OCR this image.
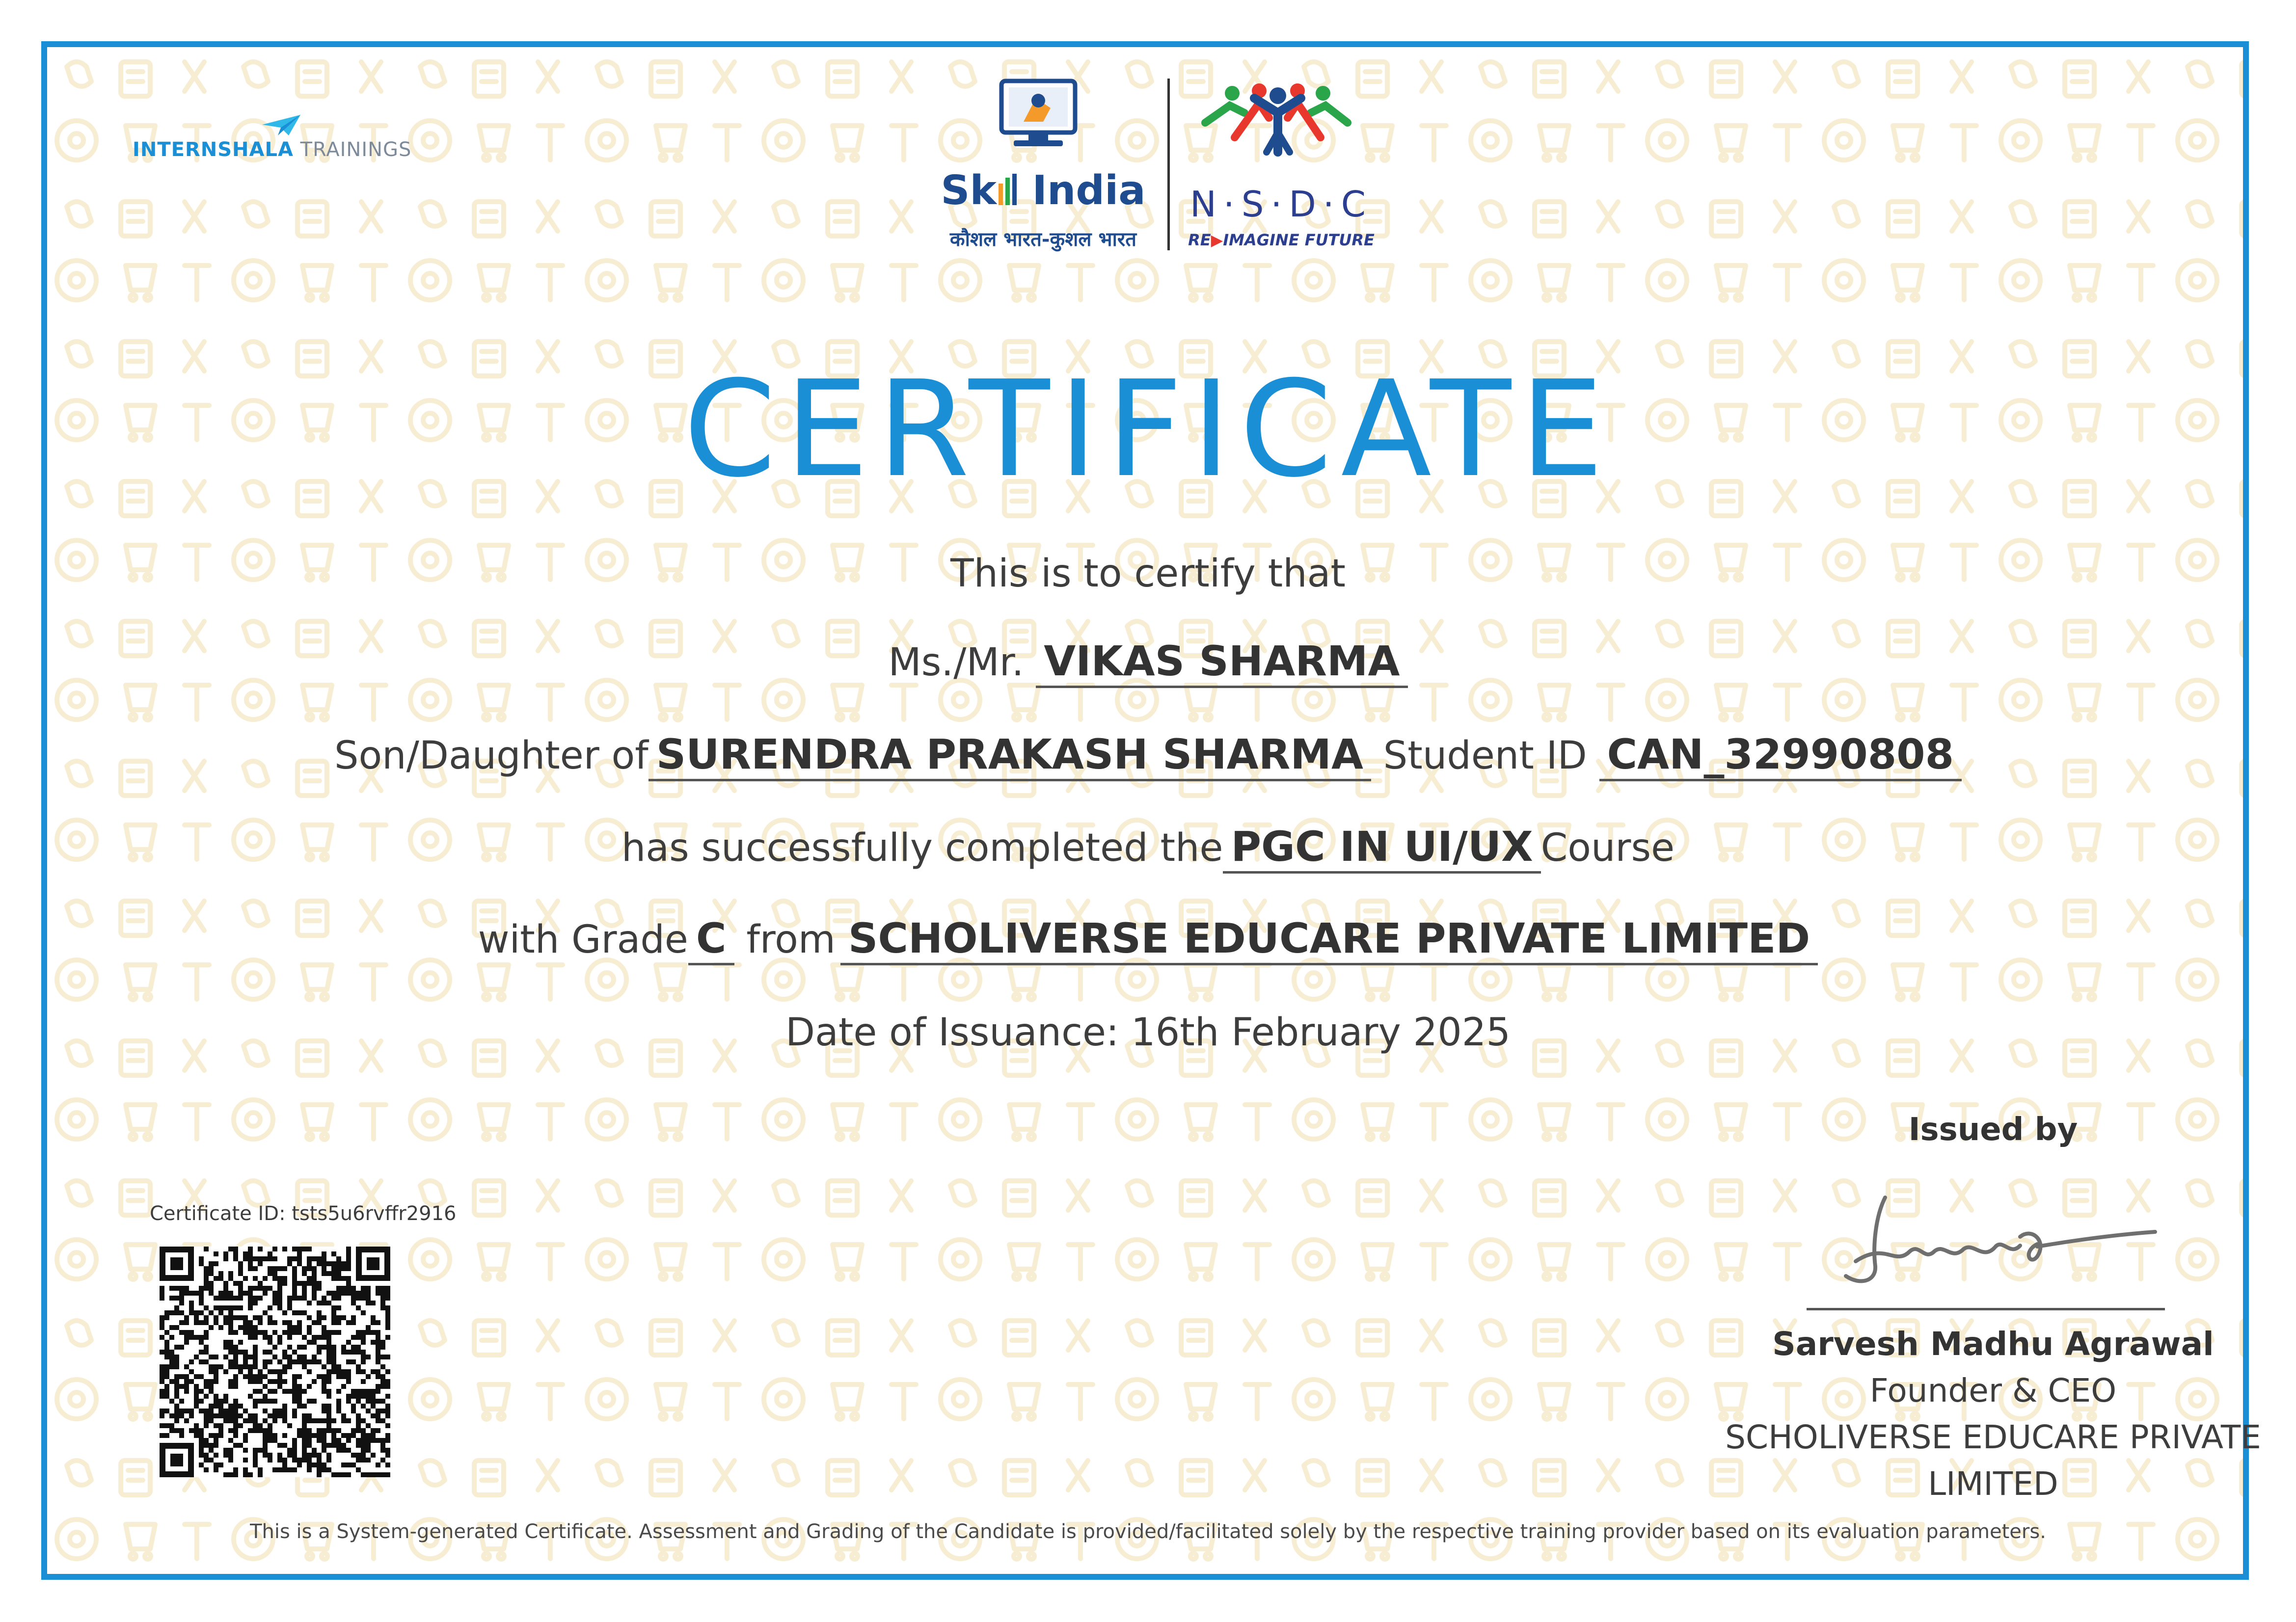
INTERNSHALA TRAININGS
Sk
India
कौशल भारत-कुशल भारत
N·S·D·C
RE▶IMAGINE FUTURE
CERTIFICATE
This is to certify that
Ms./Mr. VIKAS SHARMA
Son/Daughter of SURENDRA PRAKASH SHARMA Student ID CAN_32990808
has successfully completed the PGC IN UI/UX Course
with Grade C from SCHOLIVERSE EDUCARE PRIVATE LIMITED
Date of Issuance: 16th February 2025
Certificate ID: tsts5u6rvffr2916
Issued by
Sarvesh Madhu Agrawal
Founder & CEO
SCHOLIVERSE EDUCARE PRIVATE
LIMITED
This is a System-generated Certificate. Assessment and Grading of the Candidate is provided/facilitated solely by the respective training provider based on its evaluation parameters.
